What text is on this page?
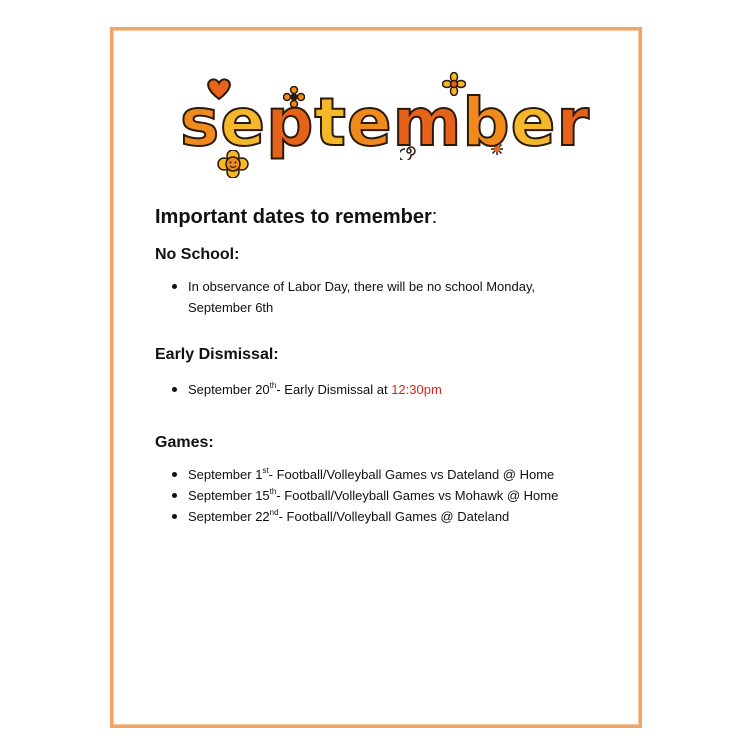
september
Important dates to remember:
No School:
In observance of Labor Day, there will be no school Monday, September 6th
Early Dismissal:
September 20th- Early Dismissal at 12:30pm
Games:
September 1st- Football/Volleyball Games vs Dateland @ Home
September 15th- Football/Volleyball Games vs Mohawk @ Home
September 22nd- Football/Volleyball Games @ Dateland
